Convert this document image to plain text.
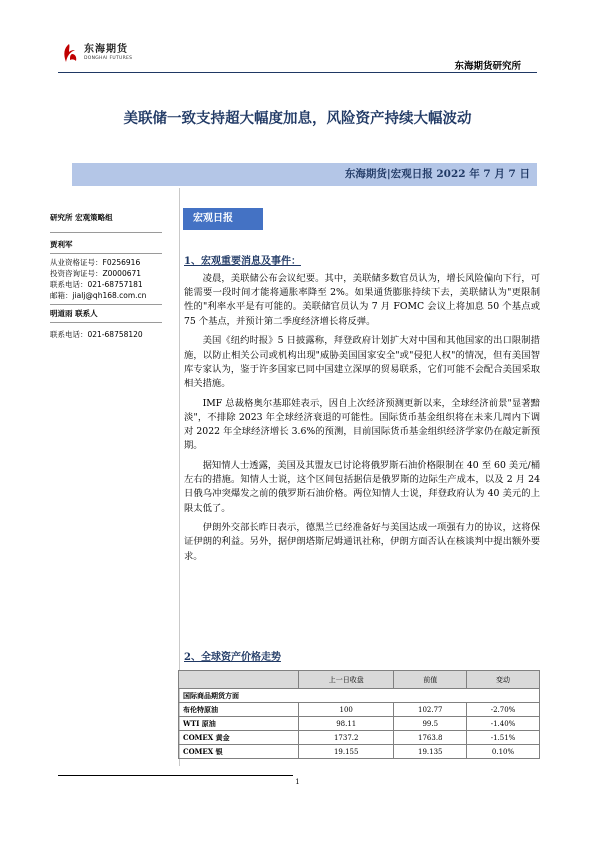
东海期货
DONGHAI FUTURES
东海期货研究所
美联储一致支持超大幅度加息，风险资产持续大幅波动
东海期货|宏观日报 2022 年 7 月 7 日
研究所 宏观策略组
贾利军
从业资格证号：F0256916
投资咨询证号：Z0000671
联系电话：021-68757181
邮箱：jialj@qh168.com.cn
明道雨 联系人
联系电话：021-68758120
宏观日报
1、宏观重要消息及事件：

凌晨，美联储公布会议纪要。其中，美联储多数官员认为，增长风险偏向下行，可能需要一段时间才能将通胀率降至 2%。如果通货膨胀持续下去，美联储认为"更限制性的"利率水平是有可能的。美联储官员认为 7 月 FOMC 会议上将加息 50 个基点或 75 个基点，并预计第二季度经济增长将反弹。

美国《纽约时报》5 日披露称，拜登政府计划扩大对中国和其他国家的出口限制措施，以防止相关公司或机构出现"威胁美国国家安全"或"侵犯人权"的情况，但有美国智库专家认为，鉴于许多国家已同中国建立深厚的贸易联系，它们可能不会配合美国采取相关措施。

IMF 总裁格奥尔基耶娃表示，因自上次经济预测更新以来，全球经济前景"显著黯淡"，不排除 2023 年全球经济衰退的可能性。国际货币基金组织将在未来几周内下调对 2022 年全球经济增长 3.6%的预测，目前国际货币基金组织经济学家仍在敲定新预期。

据知情人士透露，美国及其盟友已讨论将俄罗斯石油价格限制在 40 至 60 美元/桶左右的措施。知情人士说，这个区间包括据信是俄罗斯的边际生产成本，以及 2 月 24 日俄乌冲突爆发之前的俄罗斯石油价格。两位知情人士说，拜登政府认为 40 美元的上限太低了。

伊朗外交部长昨日表示，德黑兰已经准备好与美国达成一项强有力的协议，这将保证伊朗的利益。另外，据伊朗塔斯尼姆通讯社称，伊朗方面否认在核谈判中提出额外要求。

2、全球资产价格走势
	上一日收盘	前值	变动
国际商品期货方面			
布伦特原油	100	102.77	-2.70%
WTI 原油	98.11	99.5	-1.40%
COMEX 黄金	1737.2	1763.8	-1.51%
COMEX 银	19.155	19.135	0.10%
1
